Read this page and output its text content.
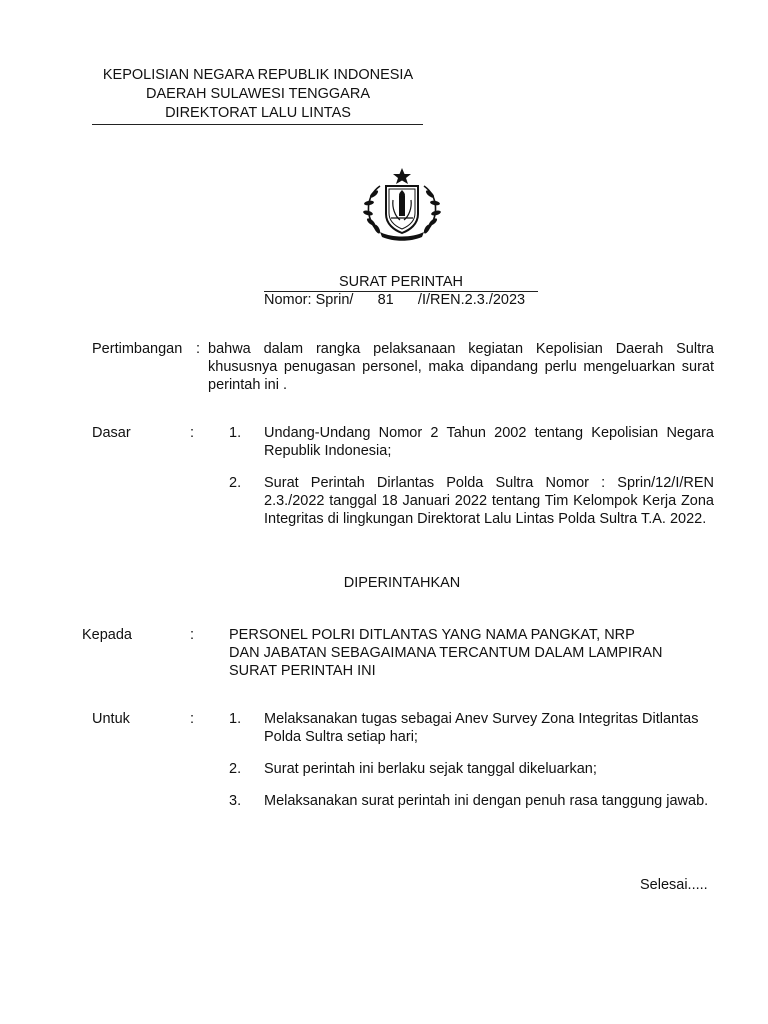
KEPOLISIAN NEGARA REPUBLIK INDONESIA
DAERAH SULAWESI TENGGARA
DIREKTORAT LALU LINTAS
SURAT PERINTAH
Nomor: Sprin/      81      /I/REN.2.3./2023
Pertimbangan : bahwa dalam rangka pelaksanaan kegiatan Kepolisian Daerah Sultra khususnya penugasan personel, maka dipandang perlu mengeluarkan surat perintah ini .

Dasar	:	1. Undang-Undang Nomor 2 Tahun 2002 tentang Kepolisian Negara Republik Indonesia;

2. Surat Perintah Dirlantas Polda Sultra Nomor : Sprin/12/I/REN 2.3./2022 tanggal 18 Januari 2022 tentang Tim Kelompok Kerja Zona Integritas di lingkungan Direktorat Lalu Lintas Polda Sultra T.A. 2022.

DIPERINTAHKAN
Kepada	:	PERSONEL POLRI DITLANTAS YANG NAMA PANGKAT, NRP
DAN JABATAN SEBAGAIMANA TERCANTUM DALAM LAMPIRAN
SURAT PERINTAH INI
Untuk	:	1. Melaksanakan tugas sebagai Anev Survey Zona Integritas Ditlantas Polda Sultra setiap hari;

2. Surat perintah ini berlaku sejak tanggal dikeluarkan;

3. Melaksanakan surat perintah ini dengan penuh rasa tanggung jawab.

Selesai.....
